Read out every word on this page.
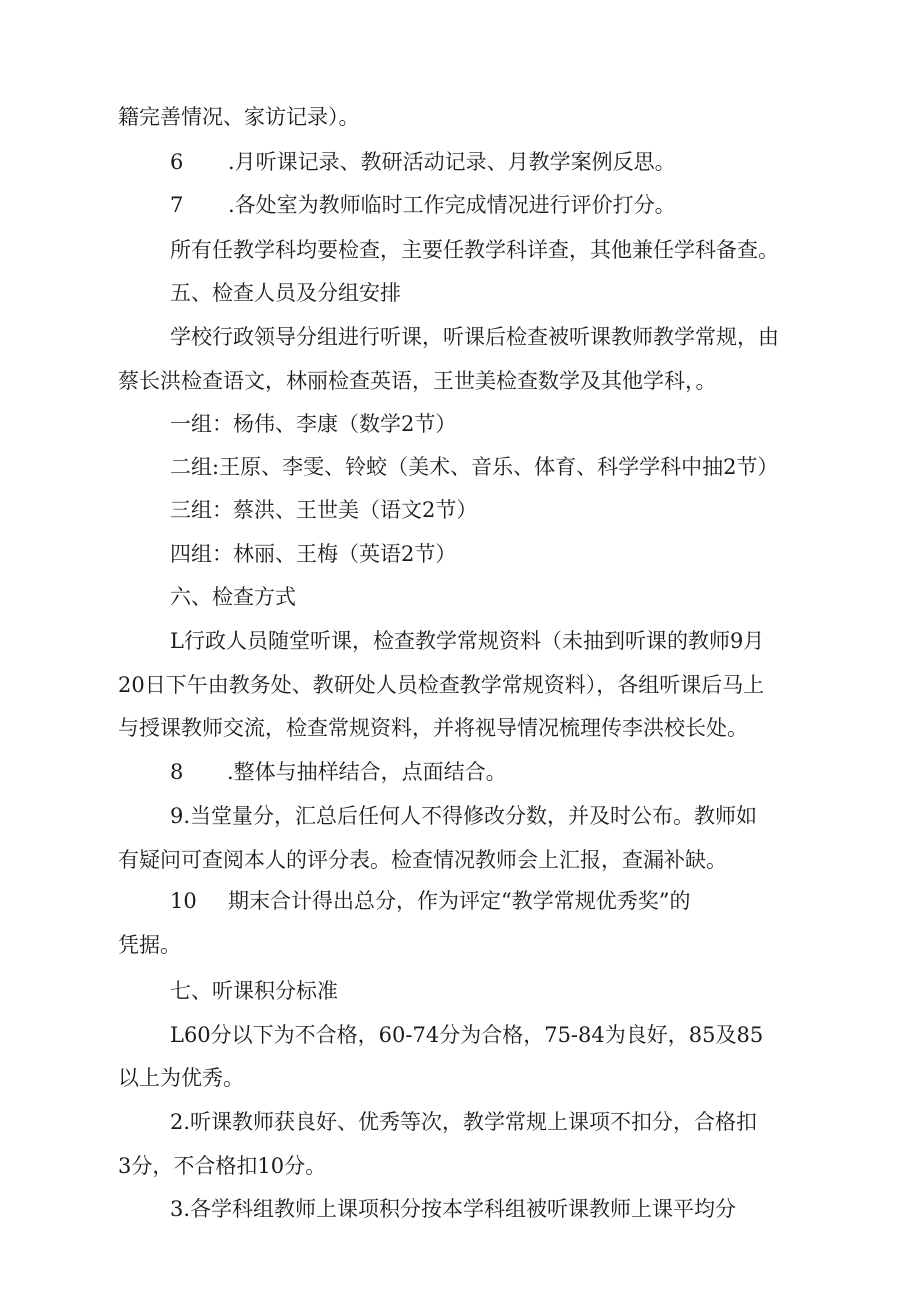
籍完善情况、家访记录）。

6 .月听课记录、教研活动记录、月教学案例反思。

7 .各处室为教师临时工作完成情况进行评价打分。

所有任教学科均要检查，主要任教学科详查，其他兼任学科备查。

五、检查人员及分组安排

学校行政领导分组进行听课，听课后检查被听课教师教学常规，由

蔡长洪检查语文，林丽检查英语，王世美检查数学及其他学科，。

一组：杨伟、李康（数学2节）

二组:王原、李雯、铃蛟（美术、音乐、体育、科学学科中抽2节）

三组：蔡洪、王世美（语文2节）

四组：林丽、王梅（英语2节）

六、检查方式

L行政人员随堂听课，检查教学常规资料（未抽到听课的教师9月

20日下午由教务处、教研处人员检查教学常规资料），各组听课后马上

与授课教师交流，检查常规资料，并将视导情况梳理传李洪校长处。

8 .整体与抽样结合，点面结合。

9.当堂量分，汇总后任何人不得修改分数，并及时公布。教师如

有疑问可查阅本人的评分表。检查情况教师会上汇报，查漏补缺。

10 期末合计得出总分，作为评定“教学常规优秀奖”的

凭据。

七、听课积分标准

L60分以下为不合格，60-74分为合格，75-84为良好，85及85

以上为优秀。

2.听课教师获良好、优秀等次，教学常规上课项不扣分，合格扣

3分，不合格扣10分。

3.各学科组教师上课项积分按本学科组被听课教师上课平均分
